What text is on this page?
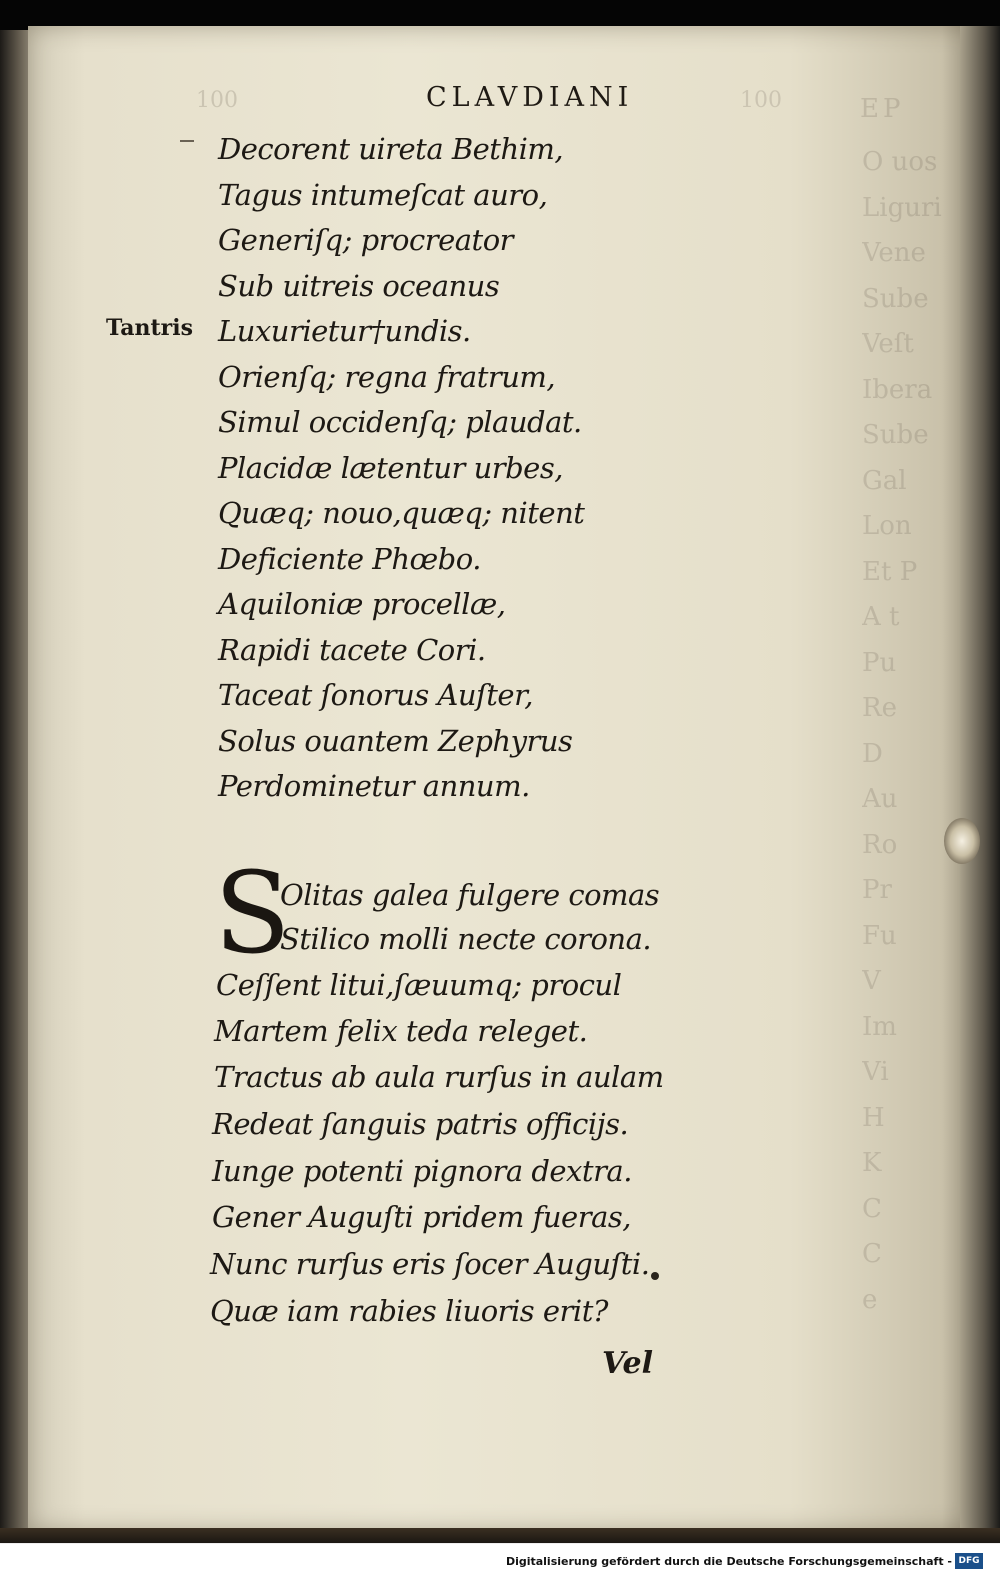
100	100	EP
O uos
Liguri
Vene
Sube
Veſt
Ibera
Sube
Gal
Lon
Et P
A t
Pu
Re
D
Au
Ro
Pr
Fu
V
Im
Vi
H
K
C
C
e
CLAVDIANI
Tantris
Decorent uireta Bethim,
Tagus intumeſcat auro,
Generiſq; procreator
Sub uitreis oceanus
Luxurietur†undis.
Orienſq; regna fratrum,
Simul occidenſq; plaudat.
Placidæ lætentur urbes,
Quæq; nouo,quæq; nitent
Deficiente Phœbo.
Aquiloniæ procellæ,
Rapidi tacete Cori.
Taceat ſonorus Auſter,
Solus ouantem Zephyrus
Perdominetur annum.
S
Olitas galea fulgere comas
Stilico molli necte corona.
Ceſſent litui,ſæuumq; procul
Martem felix teda releget.
Tractus ab aula rurſus in aulam
Redeat ſanguis patris officijs.
Iunge potenti pignora dextra.
Gener Auguſti pridem fueras,
Nunc rurſus eris ſocer Auguſti.
Quæ iam rabies liuoris erit?
Vel
Digitalisierung gefördert durch die Deutsche Forschungsgemeinschaft - DFG
